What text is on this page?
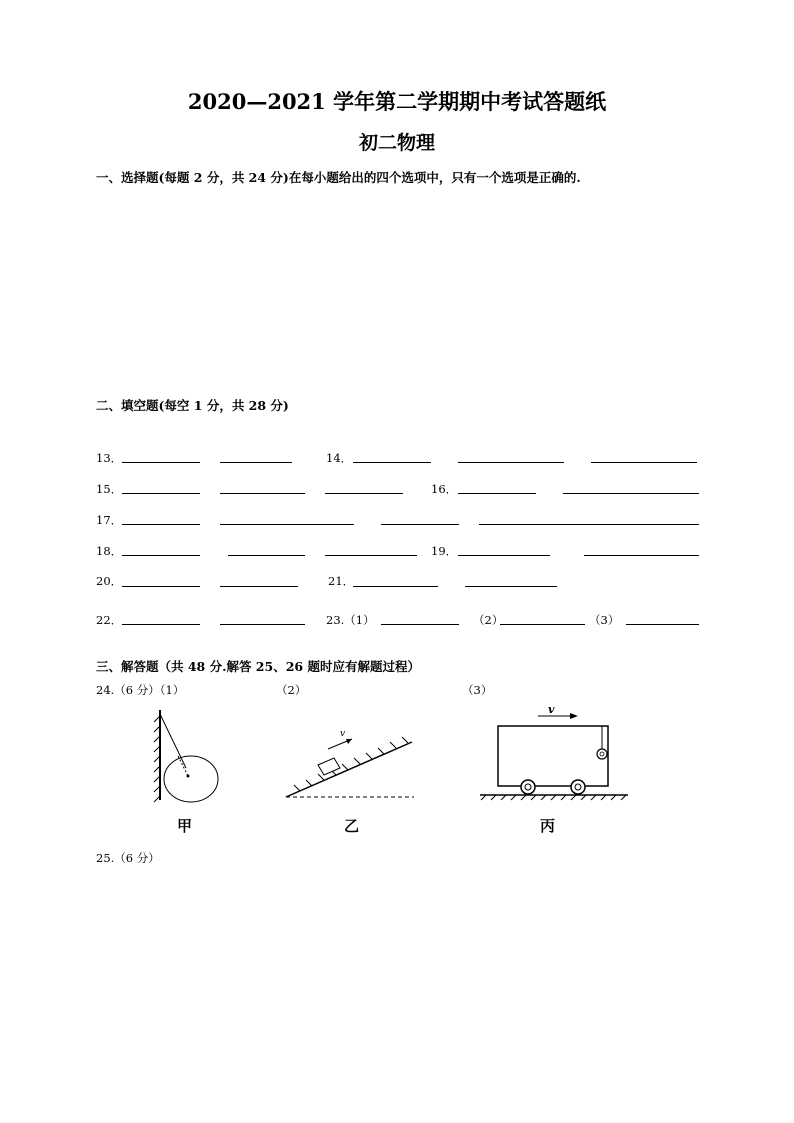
2020—2021 学年第二学期期中考试答题纸
初二物理
一、选择题(每题 2 分，共 24 分)在每小题给出的四个选项中，只有一个选项是正确的.
二、填空题(每空 1 分，共 28 分)
13．	14．
15．	16．
17．
18．	19．
20．	21．
22．	23.（1）	（2）	（3）
三、解答题（共 48 分.解答 25、26 题时应有解题过程）
24.（6 分）（1）	（2）	（3）
甲
v
乙
v
丙
25.（6 分）
